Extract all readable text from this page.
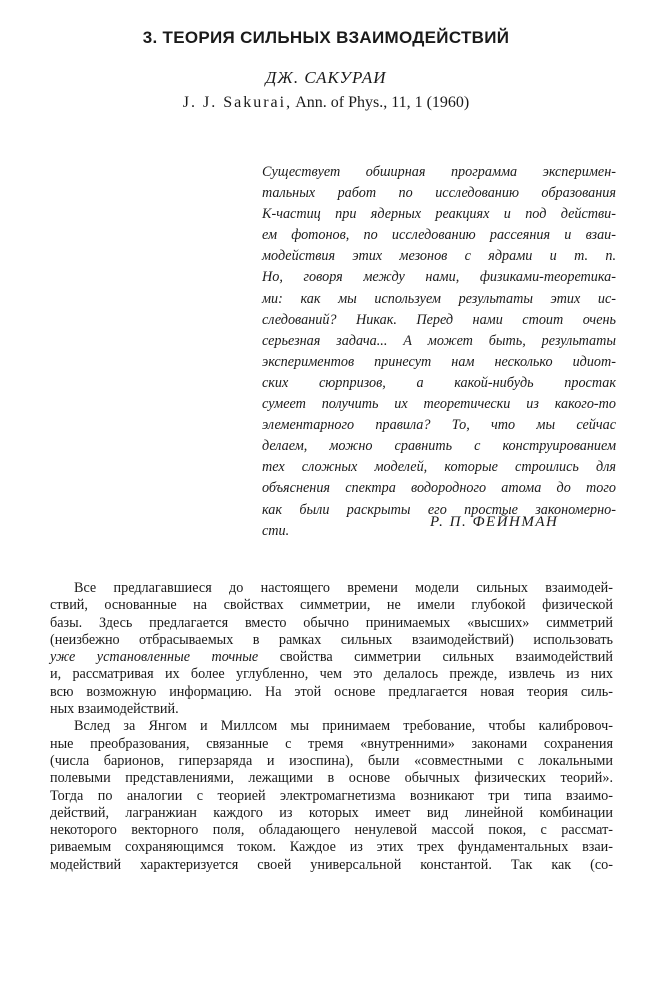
3. ТЕОРИЯ СИЛЬНЫХ ВЗАИМОДЕЙСТВИЙ
ДЖ. САКУРАИ
J. J. Sakurai, Ann. of Phys., 11, 1 (1960)
Существует обширная программа эксперимен-
тальных работ по исследованию образования
K-частиц при ядерных реакциях и под действи-
ем фотонов, по исследованию рассеяния и взаи-
модействия этих мезонов с ядрами и т. п.
Но, говоря между нами, физиками-теоретика-
ми: как мы используем результаты этих ис-
следований? Никак. Перед нами стоит очень
серьезная задача... А может быть, результаты
экспериментов принесут нам несколько идиот-
ских сюрпризов, а какой-нибудь простак
сумеет получить их теоретически из какого-то
элементарного правила? То, что мы сейчас
делаем, можно сравнить с конструированием
тех сложных моделей, которые строились для
объяснения спектра водородного атома до того
как были раскрыты его простые закономерно-
сти.
Р. П. ФЕЙНМАН
Все предлагавшиеся до настоящего времени модели сильных взаимодей-
ствий, основанные на свойствах симметрии, не имели глубокой физической
базы. Здесь предлагается вместо обычно принимаемых «высших» симметрий
(неизбежно отбрасываемых в рамках сильных взаимодействий) использовать
уже установленные точные свойства симметрии сильных взаимодействий
и, рассматривая их более углубленно, чем это делалось прежде, извлечь из них
всю возможную информацию. На этой основе предлагается новая теория силь-
ных взаимодействий.
Вслед за Янгом и Миллсом мы принимаем требование, чтобы калибровоч-
ные преобразования, связанные с тремя «внутренними» законами сохранения
(числа барионов, гиперзаряда и изоспина), были «совместными с локальными
полевыми представлениями, лежащими в основе обычных физических теорий».
Тогда по аналогии с теорией электромагнетизма возникают три типа взаимо-
действий, лагранжиан каждого из которых имеет вид линейной комбинации
некоторого векторного поля, обладающего ненулевой массой покоя, с рассмат-
риваемым сохраняющимся током. Каждое из этих трех фундаментальных взаи-
модействий характеризуется своей универсальной константой. Так как (со-
